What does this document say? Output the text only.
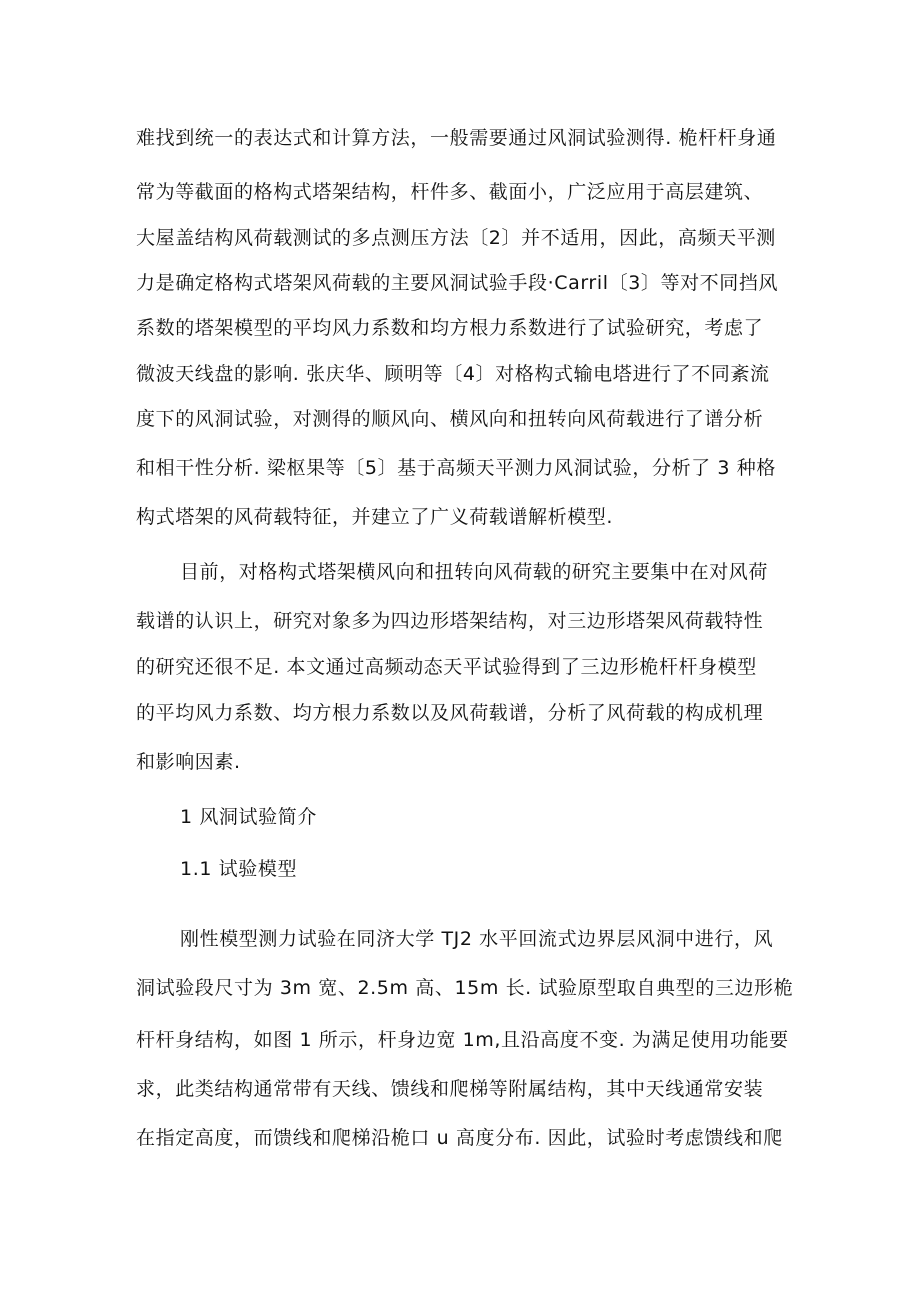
难找到统一的表达式和计算方法，一般需要通过风洞试验测得. 桅杆杆身通
常为等截面的格构式塔架结构，杆件多、截面小，广泛应用于高层建筑、
大屋盖结构风荷载测试的多点测压方法〔2〕并不适用，因此，高频天平测
力是确定格构式塔架风荷载的主要风洞试验手段·Carril〔3〕等对不同挡风
系数的塔架模型的平均风力系数和均方根力系数进行了试验研究，考虑了
微波天线盘的影响. 张庆华、顾明等〔4〕对格构式输电塔进行了不同紊流
度下的风洞试验，对测得的顺风向、横风向和扭转向风荷载进行了谱分析
和相干性分析. 梁枢果等〔5〕基于高频天平测力风洞试验，分析了 3 种格
构式塔架的风荷载特征，并建立了广义荷载谱解析模型.
目前，对格构式塔架横风向和扭转向风荷载的研究主要集中在对风荷
载谱的认识上，研究对象多为四边形塔架结构，对三边形塔架风荷载特性
的研究还很不足. 本文通过高频动态天平试验得到了三边形桅杆杆身模型
的平均风力系数、均方根力系数以及风荷载谱，分析了风荷载的构成机理
和影响因素.
1 风洞试验简介
1.1 试验模型
刚性模型测力试验在同济大学 TJ2 水平回流式边界层风洞中进行，风
洞试验段尺寸为 3m 宽、2.5m 高、15m 长. 试验原型取自典型的三边形桅
杆杆身结构，如图 1 所示，杆身边宽 1m,且沿高度不变. 为满足使用功能要
求，此类结构通常带有天线、馈线和爬梯等附属结构，其中天线通常安装
在指定高度，而馈线和爬梯沿桅口 u 高度分布. 因此，试验时考虑馈线和爬
